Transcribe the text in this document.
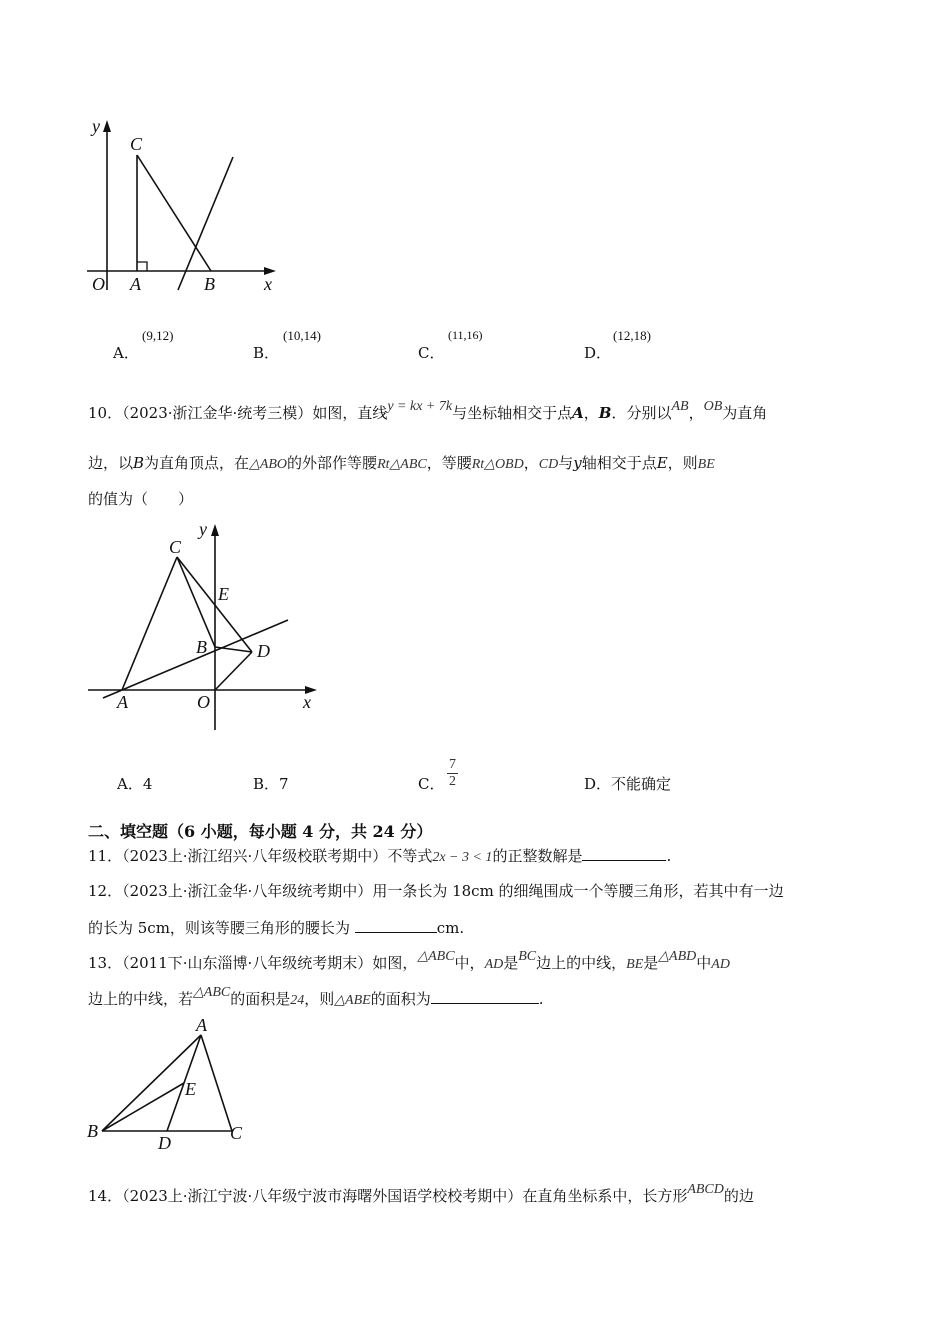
y
C
O A	B	x
A．
(9,12)
B．
(10,14)
C．
(11,16)
D．
(12,18)
10．（2023·浙江金华·统考三模）如图，直线y = kx + 7k与坐标轴相交于点A，B．分别以AB，OB为直角
边，以B为直角顶点，在△ABO的外部作等腰Rt△ABC，等腰Rt△OBD，CD与y轴相交于点E，则BE
的值为（　　）
y
C
E
B	D
A	O	x
A．4	B．7	C． $\frac{7}{2}$	D．不能确定
二、填空题（6 小题，每小题 4 分，共 24 分）
11．（2023上·浙江绍兴·八年级校联考期中）不等式2x − 3 < 1的正整数解是	.
12．（2023上·浙江金华·八年级统考期中）用一条长为 18cm 的细绳围成一个等腰三角形，若其中有一边
的长为 5cm，则该等腰三角形的腰长为	cm.
13．（2011下·山东淄博·八年级统考期末）如图，△ABC中，AD是BC边上的中线，BE是△ABD中AD
边上的中线，若△ABC的面积是24，则△ABE的面积为	.
A
E
B
D	C
14．（2023上·浙江宁波·八年级宁波市海曙外国语学校校考期中）在直角坐标系中，长方形ABCD的边
